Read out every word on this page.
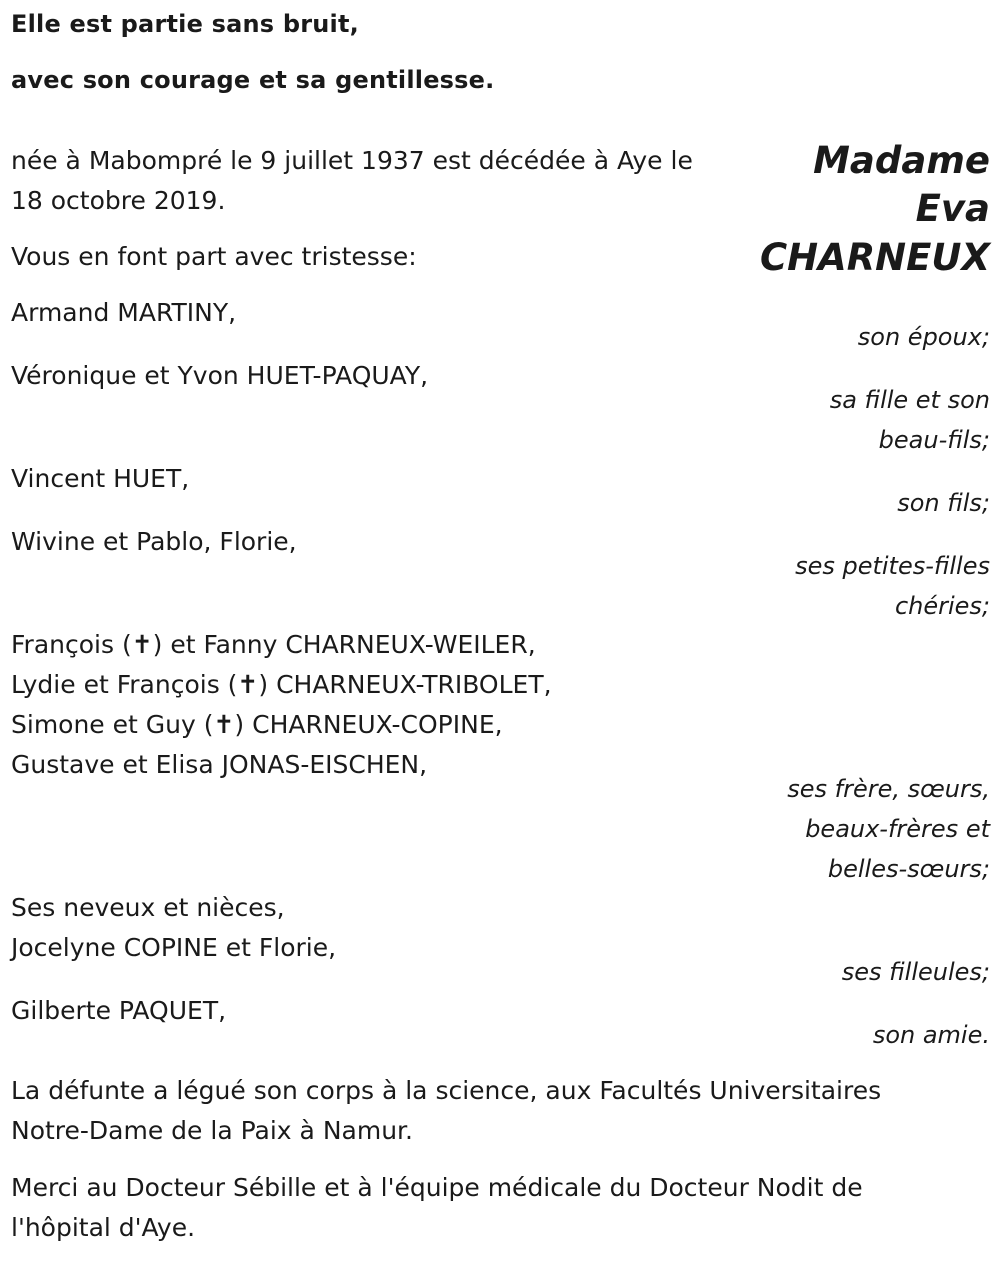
Elle est partie sans bruit,
avec son courage et sa gentillesse.
Madame
Eva
CHARNEUX
née à Mabompré le 9 juillet 1937 est décédée à Aye le
18 octobre 2019.
Vous en font part avec tristesse:
Armand MARTINY,
son époux;
Véronique et Yvon HUET-PAQUAY,
sa fille et son
beau-fils;
Vincent HUET,
son fils;
Wivine et Pablo, Florie,
ses petites-filles
chéries;
François (✝) et Fanny CHARNEUX-WEILER,
Lydie et François (✝) CHARNEUX-TRIBOLET,
Simone et Guy (✝) CHARNEUX-COPINE,
Gustave et Elisa JONAS-EISCHEN,
ses frère, sœurs,
beaux-frères et
belles-sœurs;
Ses neveux et nièces,
Jocelyne COPINE et Florie,
ses filleules;
Gilberte PAQUET,
son amie.
La défunte a légué son corps à la science, aux Facultés Universitaires
Notre-Dame de la Paix à Namur.
Merci au Docteur Sébille et à l'équipe médicale du Docteur Nodit de
l'hôpital d'Aye.
